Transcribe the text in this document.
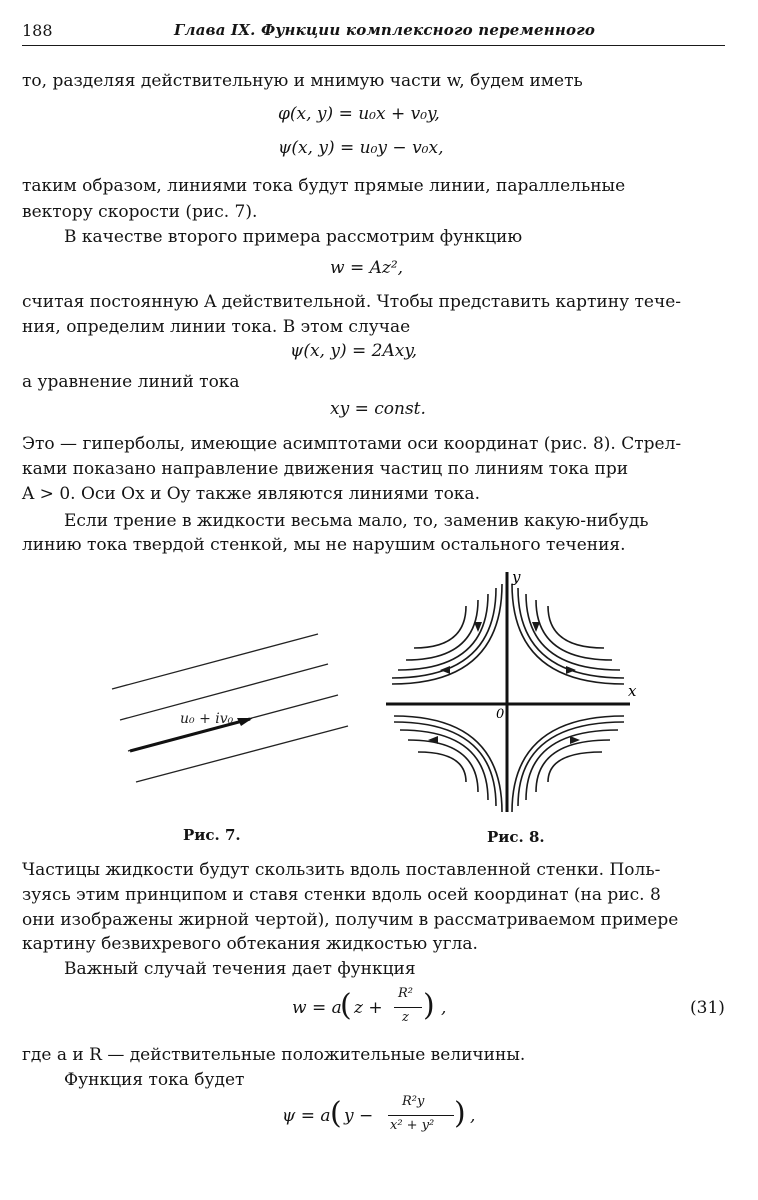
188	Глава IX. Функции комплексного переменного
то, разделяя действительную и мнимую части w, будем иметь
φ(x, y) = u₀x + v₀y,
ψ(x, y) = u₀y − v₀x,
таким образом, линиями тока будут прямые линии, параллельные
вектору скорости (рис. 7).
В качестве второго примера рассмотрим функцию
w = Az²,
считая постоянную A действительной. Чтобы представить картину тече-
ния, определим линии тока. В этом случае
ψ(x, y) = 2Axy,
а уравнение линий тока
xy = const.
Это — гиперболы, имеющие асимптотами оси координат (рис. 8). Стрел-
ками показано направление движения частиц по линиям тока при
A > 0. Оси Ox и Oy также являются линиями тока.
Если трение в жидкости весьма мало, то, заменив какую-нибудь
линию тока твердой стенкой, мы не нарушим остального течения.
u₀ + iv₀
Рис. 7.
x
y
0
Рис. 8.
Частицы жидкости будут скользить вдоль поставленной стенки. Поль-
зуясь этим принципом и ставя стенки вдоль осей координат (на рис. 8
они изображены жирной чертой), получим в рассматриваемом примере
картину безвихревого обтекания жидкостью угла.
Важный случай течения дает функция
w = a
( z +
R²
z ) ,	(31)
где a и R — действительные положительные величины.
Функция тока будет
ψ = a ( y −
R²y
x² + y² ) ,
